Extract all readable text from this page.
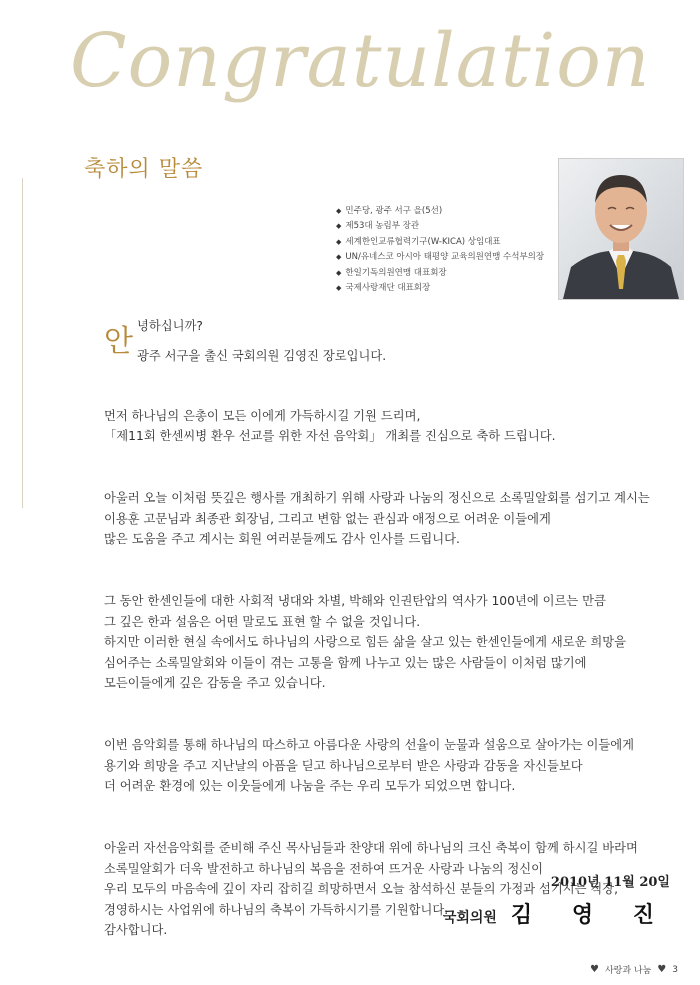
Congratulation
축하의 말씀
◆ 민주당, 광주 서구 을(5선)
◆ 제53대 농림부 장관
◆ 세계한인교류협력기구(W-KICA) 상임대표
◆ UN/유네스코 아시아 태평양 교육의원연맹 수석부의장
◆ 한일기독의원연맹 대표회장
◆ 국제사랑재단 대표회장
안 녕하십니까?
광주 서구을 출신 국회의원 김영진 장로입니다.

먼저 하나님의 은총이 모든 이에게 가득하시길 기원 드리며,
「제11회 한센씨병 환우 선교를 위한 자선 음악회」 개최를 진심으로 축하 드립니다.

아울러 오늘 이처럼 뜻깊은 행사를 개최하기 위해 사랑과 나눔의 정신으로 소록밀알회를 섬기고 계시는
이용훈 고문님과 최종관 회장님, 그리고 변함 없는 관심과 애정으로 어려운 이들에게
많은 도움을 주고 계시는 회원 여러분들께도 감사 인사를 드립니다.

그 동안 한센인들에 대한 사회적 냉대와 차별, 박해와 인권탄압의 역사가 100년에 이르는 만큼
그 깊은 한과 설움은 어떤 말로도 표현 할 수 없을 것입니다.
하지만 이러한 현실 속에서도 하나님의 사랑으로 힘든 삶을 살고 있는 한센인들에게 새로운 희망을
심어주는 소록밀알회와 이들이 겪는 고통을 함께 나누고 있는 많은 사람들이 이처럼 많기에
모든이들에게 깊은 감동을 주고 있습니다.

이번 음악회를 통해 하나님의 따스하고 아름다운 사랑의 선율이 눈물과 설움으로 살아가는 이들에게
용기와 희망을 주고 지난날의 아픔을 딛고 하나님으로부터 받은 사랑과 감동을 자신들보다
더 어려운 환경에 있는 이웃들에게 나눔을 주는 우리 모두가 되었으면 합니다.

아울러 자선음악회를 준비해 주신 목사님들과 찬양대 위에 하나님의 크신 축복이 함께 하시길 바라며
소록밀알회가 더욱 발전하고 하나님의 복음을 전하여 뜨거운 사랑과 나눔의 정신이
우리 모두의 마음속에 깊이 자리 잡히길 희망하면서 오늘 참석하신 분들의 가정과 섬기시는 직장,
경영하시는 사업위에 하나님의 축복이 가득하시기를 기원합니다.
감사합니다.

2010년 11월 20일
국회의원 김 영 진
♥ 사랑과 나눔 ♥ 3
